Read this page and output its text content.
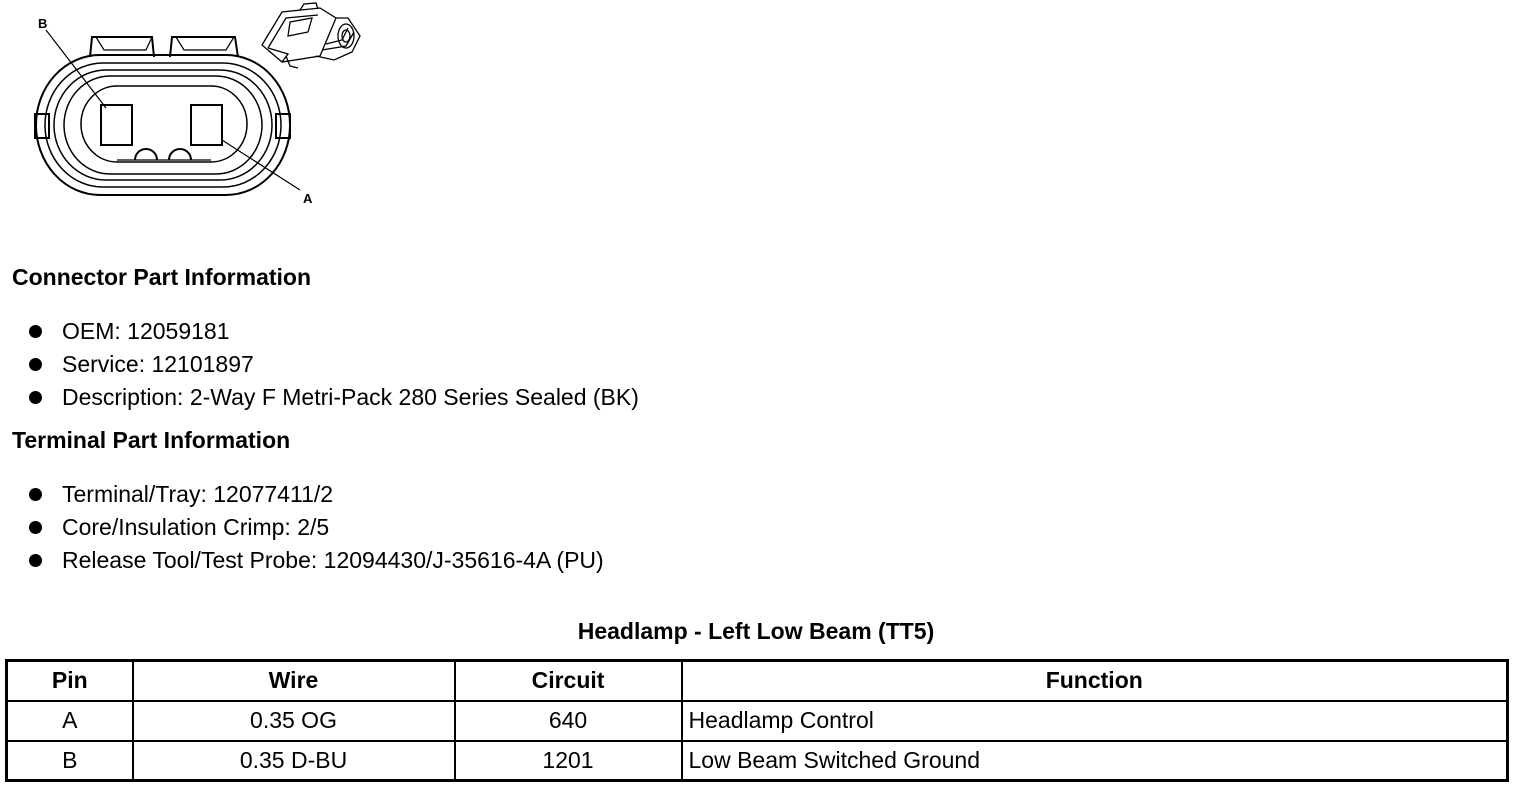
B
A
Connector Part Information
OEM: 12059181
Service: 12101897
Description: 2-Way F Metri-Pack 280 Series Sealed (BK)
Terminal Part Information
Terminal/Tray: 12077411/2
Core/Insulation Crimp: 2/5
Release Tool/Test Probe: 12094430/J-35616-4A (PU)

Headlamp - Left Low Beam (TT5)

Pin	Wire	Circuit	Function
A	0.35 OG	640	Headlamp Control
B	0.35 D-BU	1201	Low Beam Switched Ground
